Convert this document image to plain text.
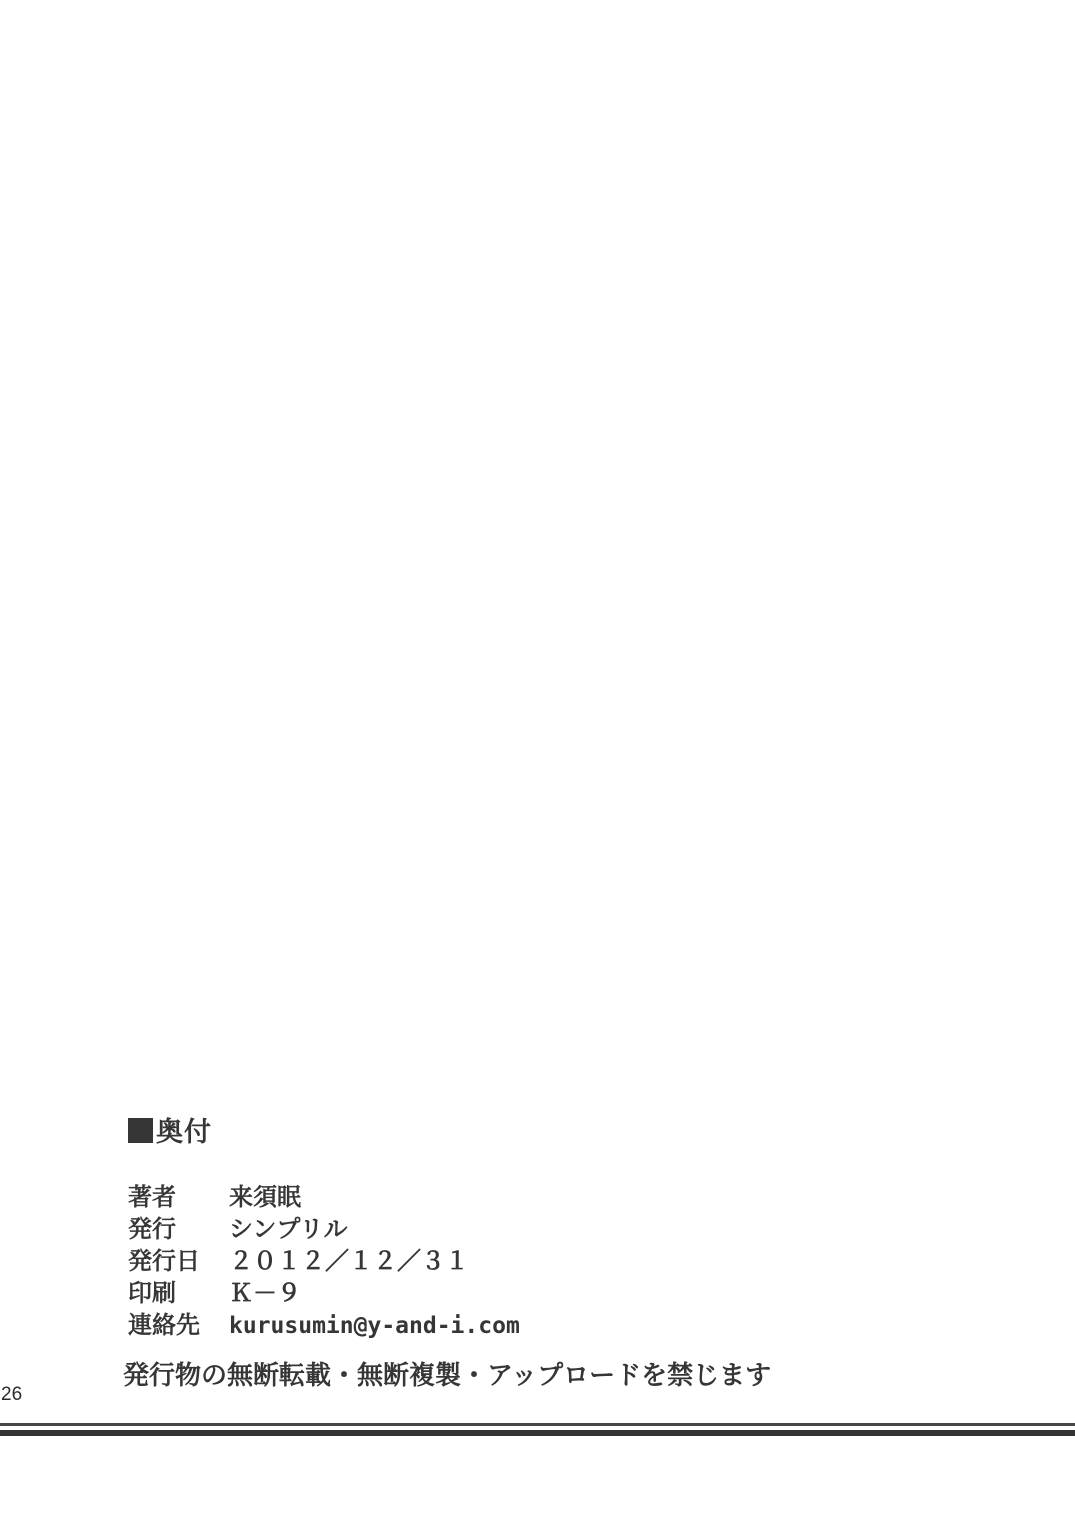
奥付
著者	来須眠
発行	シンプリル
発行日	２０１２／１２／３１
印刷	Ｋ－９
連絡先	kurusumin@y-and-i.com
発行物の無断転載・無断複製・アップロードを禁じます
26
